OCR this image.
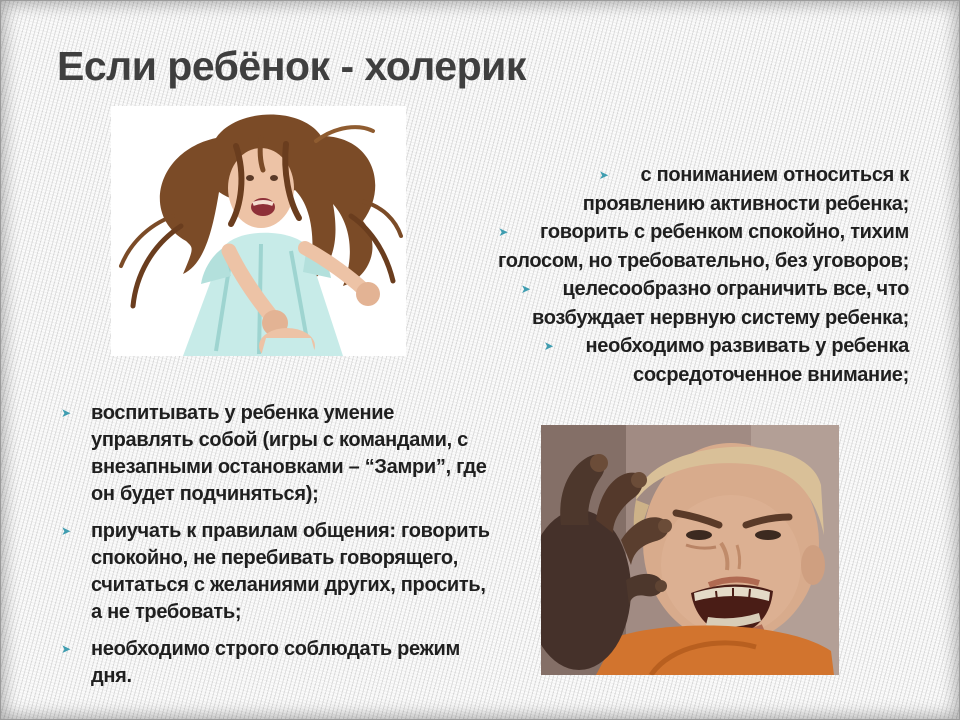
Если ребёнок - холерик
➤ с пониманием относиться к проявлению активности ребенка;
➤ говорить с ребенком спокойно, тихим голосом, но требовательно, без уговоров;
➤ целесообразно ограничить все, что возбуждает нервную систему ребенка;
➤ необходимо развивать у ребенка сосредоточенное внимание;
➤ воспитывать у ребенка умение управлять собой (игры с командами, с внезапными остановками – “Замри”, где он будет подчиняться);
➤ приучать к правилам общения: говорить спокойно, не перебивать говорящего, считаться с желаниями других, просить, а не требовать;
➤ необходимо строго соблюдать режим дня.
